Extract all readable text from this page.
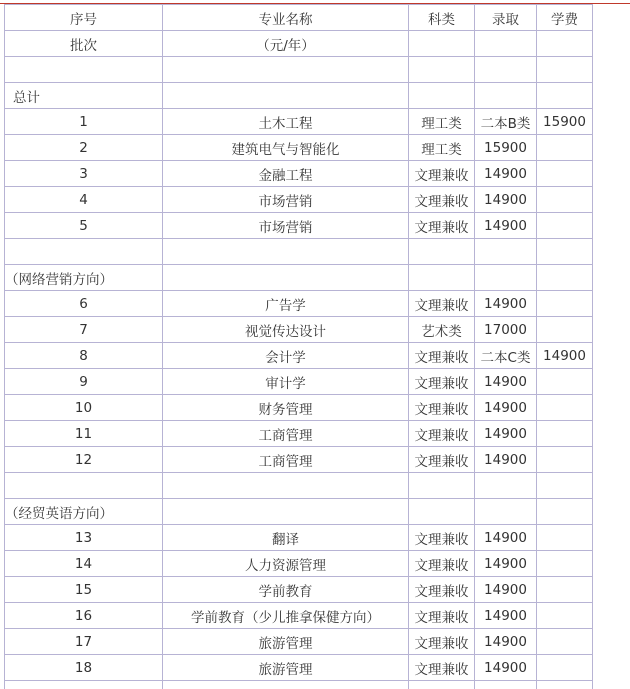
序号	专业名称	科类	录取	学费
批次	（元/年）			

总计				
1	土木工程	理工类	二本B类	15900
2	建筑电气与智能化	理工类	15900	
3	金融工程	文理兼收	14900	
4	市场营销	文理兼收	14900	
5	市场营销	文理兼收	14900	

（网络营销方向）				
6	广告学	文理兼收	14900	
7	视觉传达设计	艺术类	17000	
8	会计学	文理兼收	二本C类	14900
9	审计学	文理兼收	14900	
10	财务管理	文理兼收	14900	
11	工商管理	文理兼收	14900	
12	工商管理	文理兼收	14900	

（经贸英语方向）				
13	翻译	文理兼收	14900	
14	人力资源管理	文理兼收	14900	
15	学前教育	文理兼收	14900	
16	学前教育（少儿推拿保健方向）	文理兼收	14900	
17	旅游管理	文理兼收	14900	
18	旅游管理	文理兼收	14900	
